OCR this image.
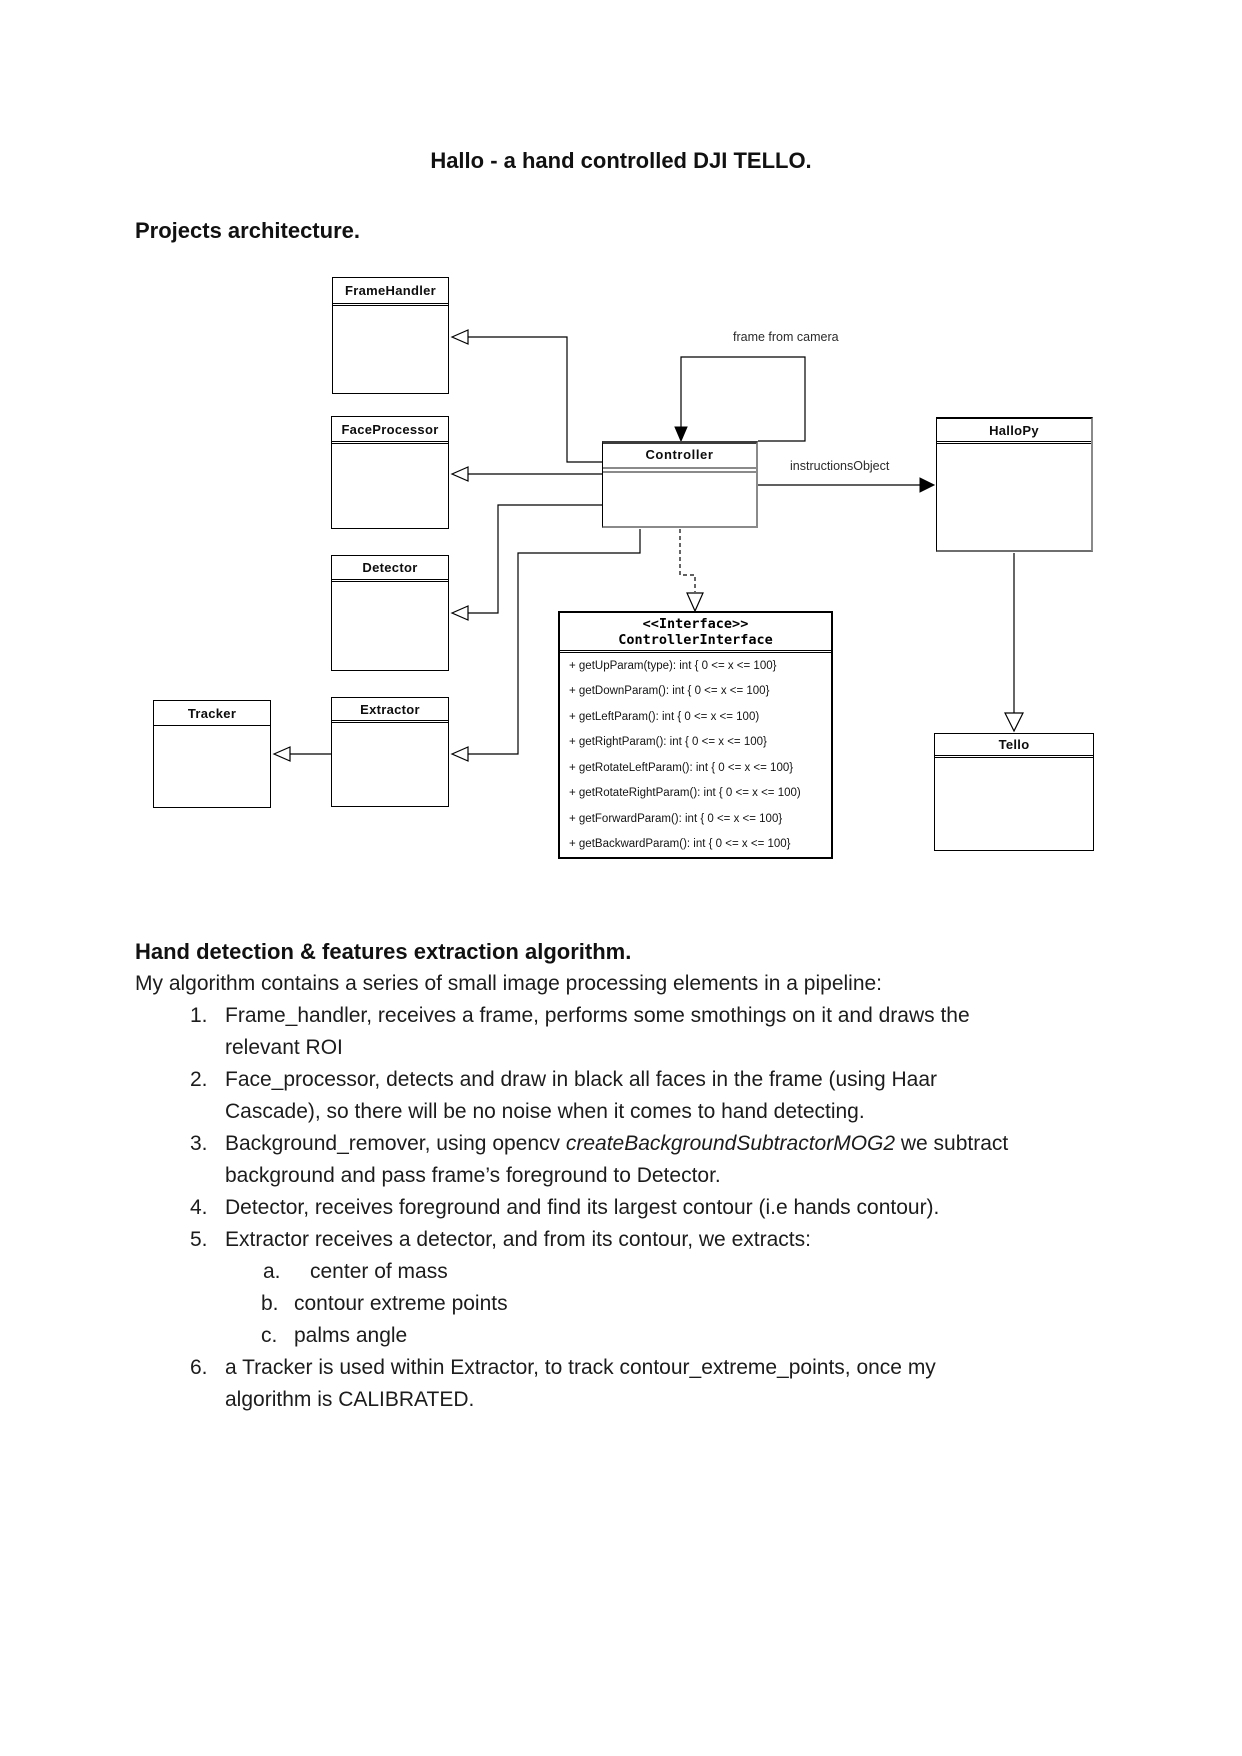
Hallo - a hand controlled DJI TELLO.
Projects architecture.
FrameHandler
FaceProcessor
Detector
Tracker	Extractor
Controller
HalloPy
Tello
<<Interface>>
ControllerInterface
+ getUpParam(type): int { 0 <= x <= 100}
+ getDownParam(): int { 0 <= x <= 100}
+ getLeftParam(): int { 0 <= x <= 100)
+ getRightParam(): int { 0 <= x <= 100}
+ getRotateLeftParam(): int { 0 <= x <= 100}
+ getRotateRightParam(): int { 0 <= x <= 100)
+ getForwardParam(): int { 0 <= x <= 100}
+ getBackwardParam(): int { 0 <= x <= 100}
frame from camera
instructionsObject
Hand detection & features extraction algorithm.
My algorithm contains a series of small image processing elements in a pipeline:
1. Frame_handler, receives a frame, performs some smothings on it and draws the
relevant ROI
2. Face_processor, detects and draw in black all faces in the frame (using Haar
Cascade), so there will be no noise when it comes to hand detecting.
3. Background_remover, using opencv createBackgroundSubtractorMOG2 we subtract
background and pass frame’s foreground to Detector.
4. Detector, receives foreground and find its largest contour (i.e hands contour).
5. Extractor receives a detector, and from its contour, we extracts:
a. center of mass
b. contour extreme points
c. palms angle
6. a Tracker is used within Extractor, to track contour_extreme_points, once my
algorithm is CALIBRATED.
